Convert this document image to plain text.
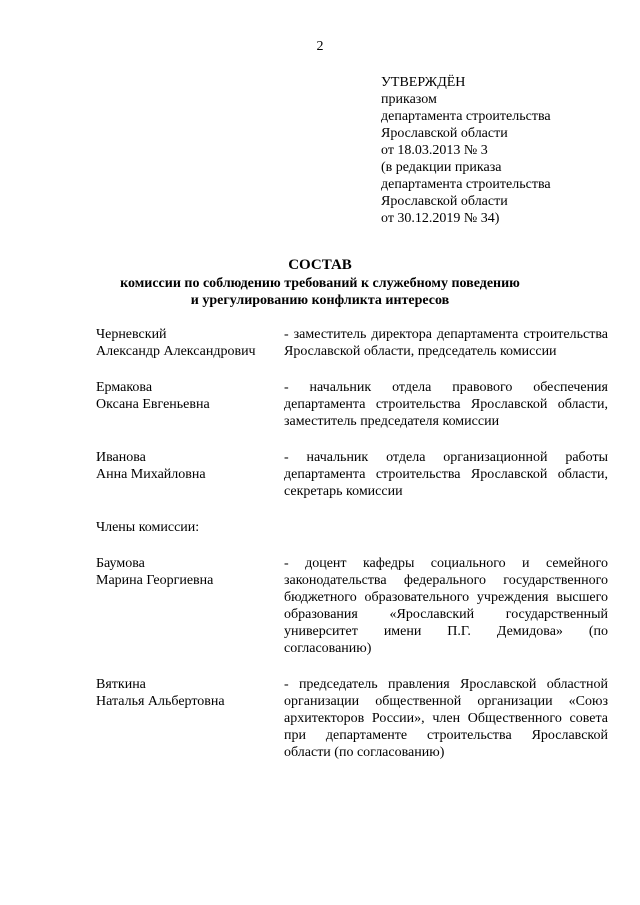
2
УТВЕРЖДЁН
приказом
департамента строительства
Ярославской области
от 18.03.2013 № 3
(в редакции приказа
департамента строительства
Ярославской области
от 30.12.2019 № 34)
СОСТАВ
комиссии по соблюдению требований к служебному поведению
и урегулированию конфликта интересов
Черневский
Александр Александрович
- заместитель директора департамента строительства Ярославской области, председатель комиссии
Ермакова
Оксана Евгеньевна
- начальник отдела правового обеспечения департамента строительства Ярославской области, заместитель председателя комиссии
Иванова
Анна Михайловна
- начальник отдела организационной работы департамента строительства Ярославской области, секретарь комиссии
Члены комиссии:
Баумова
Марина Георгиевна
- доцент кафедры социального и семейного законодательства федерального государственного бюджетного образовательного учреждения высшего образования «Ярославский государственный университет имени П.Г. Демидова» (по согласованию)
Вяткина
Наталья Альбертовна
- председатель правления Ярославской областной организации общественной организации «Союз архитекторов России», член Общественного совета при департаменте строительства Ярославской области (по согласованию)
